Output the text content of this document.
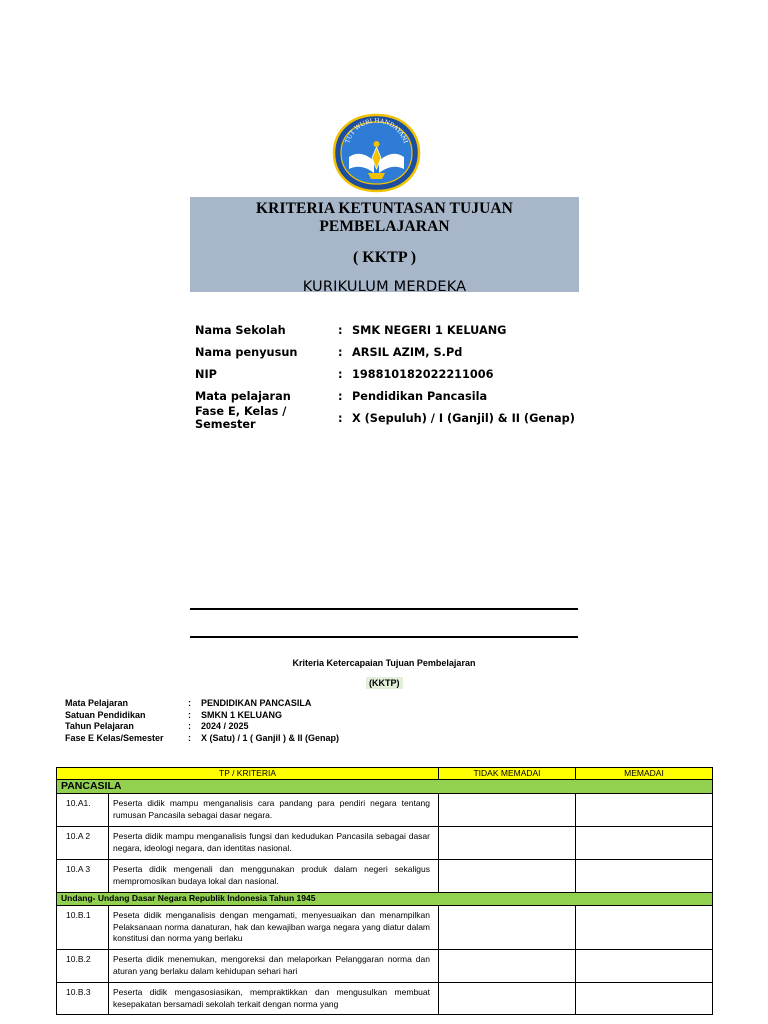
TUT WURI HANDAYANI
KRITERIA KETUNTASAN TUJUAN PEMBELAJARAN
( KKTP )
KURIKULUM MERDEKA
Nama Sekolah	: SMK NEGERI 1 KELUANG
Nama penyusun	: ARSIL AZIM, S.Pd
NIP	: 198810182022211006
Mata pelajaran	: Pendidikan Pancasila
Fase E, Kelas / Semester	: X (Sepuluh) / I (Ganjil) & II (Genap)
Kriteria Ketercapaian Tujuan Pembelajaran
(KKTP)
Mata Pelajaran	:	PENDIDIKAN PANCASILA
Satuan Pendidikan	:	SMKN 1 KELUANG
Tahun Pelajaran	:	2024 / 2025
Fase E Kelas/Semester	:	X (Satu) / 1 ( Ganjil ) & II (Genap)
TP / KRITERIA		TIDAK MEMADAI	MEMADAI
PANCASILA			
10.A1.	Peserta didik mampu menganalisis cara pandang para pendiri negara tentang rumusan Pancasila sebagai dasar negara.		
10.A 2	Peserta didik mampu menganalisis fungsi dan kedudukan Pancasila sebagai dasar negara, ideologi negara, dan identitas nasional.		
10.A 3	Peserta didik mengenali dan menggunakan produk dalam negeri sekaligus mempromosikan budaya lokal dan nasional.		
Undang- Undang Dasar Negara Republik Indonesia Tahun 1945			
10.B.1	Peseta didik menganalisis dengan mengamati, menyesuaikan dan menampilkan Pelaksanaan norma danaturan, hak dan kewajiban warga negara yang diatur dalam konstitusi dan norma yang berlaku		
10.B.2	Peserta didik menemukan, mengoreksi dan melaporkan Pelanggaran norma dan aturan yang berlaku dalam kehidupan sehari hari		
10.B.3	Peserta didik mengasosiasikan, mempraktikkan dan mengusulkan membuat kesepakatan bersamadi sekolah terkait dengan norma yang		
